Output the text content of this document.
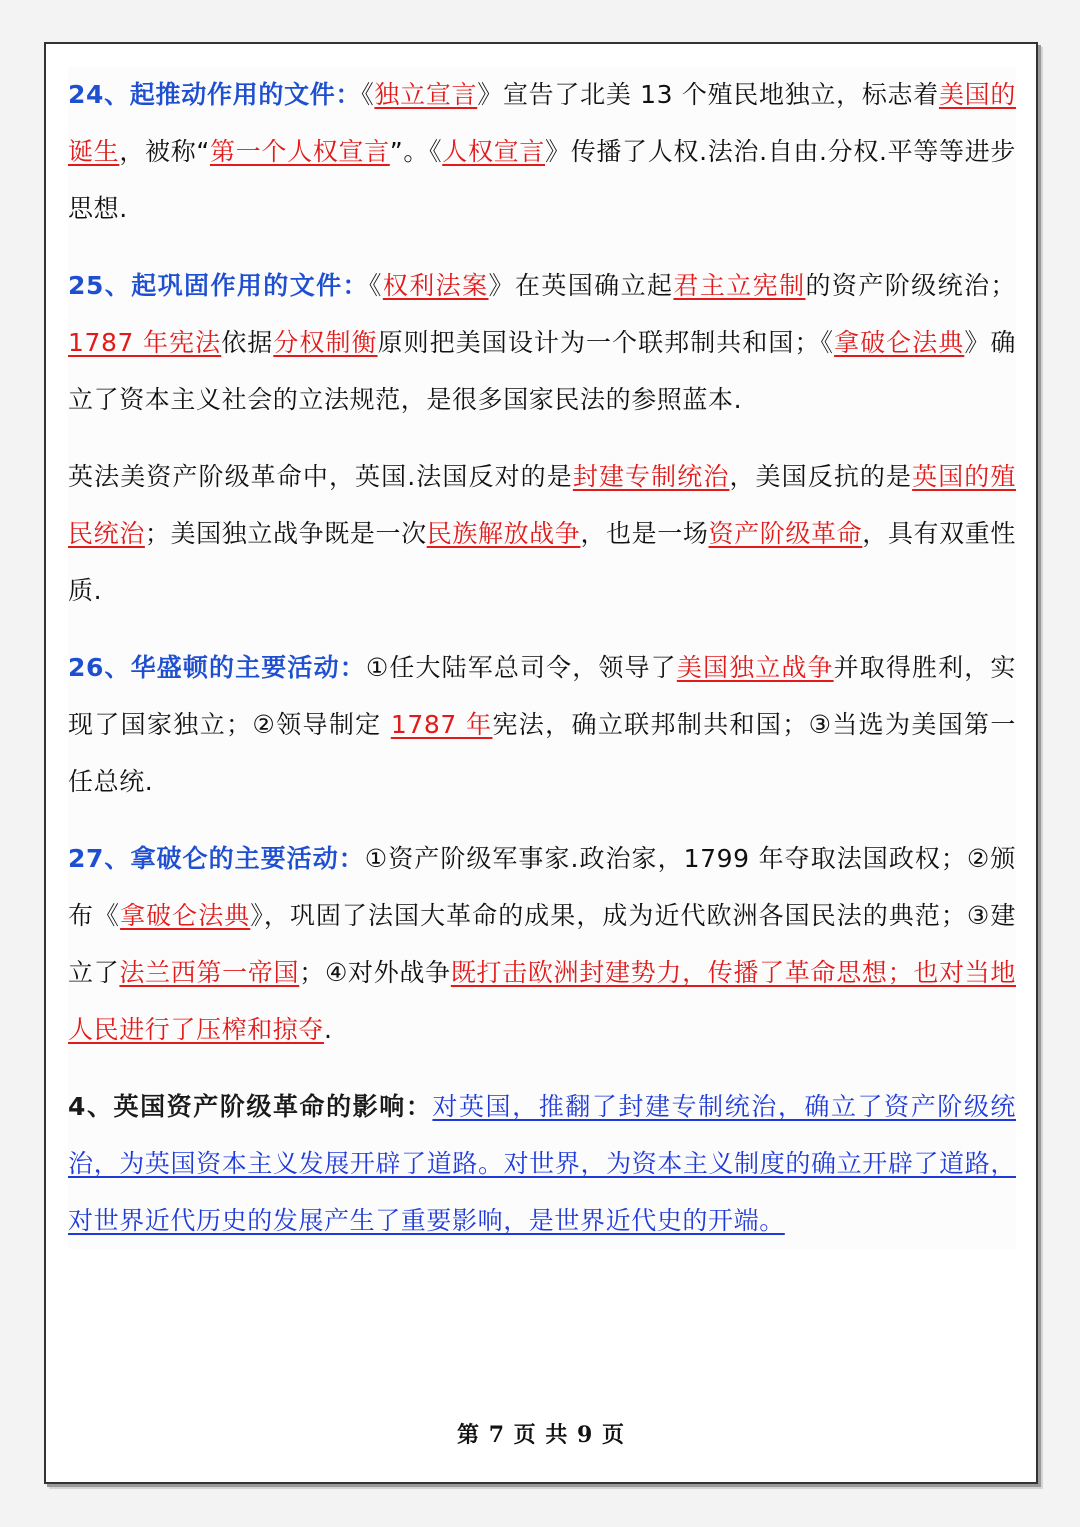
24、起推动作用的文件：《独立宣言》宣告了北美 13 个殖民地独立，标志着美国的诞生，被称“第一个人权宣言”。《人权宣言》传播了人权.法治.自由.分权.平等等进步思想.

25、起巩固作用的文件：《权利法案》在英国确立起君主立宪制的资产阶级统治；1787 年宪法依据分权制衡原则把美国设计为一个联邦制共和国；《拿破仑法典》确立了资本主义社会的立法规范，是很多国家民法的参照蓝本.

英法美资产阶级革命中，英国.法国反对的是封建专制统治，美国反抗的是英国的殖民统治；美国独立战争既是一次民族解放战争，也是一场资产阶级革命，具有双重性质.

26、华盛顿的主要活动：①任大陆军总司令，领导了美国独立战争并取得胜利，实现了国家独立；②领导制定 1787 年宪法，确立联邦制共和国；③当选为美国第一任总统.

27、拿破仑的主要活动：①资产阶级军事家.政治家，1799 年夺取法国政权；②颁布《拿破仑法典》，巩固了法国大革命的成果，成为近代欧洲各国民法的典范；③建立了法兰西第一帝国；④对外战争既打击欧洲封建势力，传播了革命思想；也对当地人民进行了压榨和掠夺.

4、英国资产阶级革命的影响：对英国，推翻了封建专制统治，确立了资产阶级统治，为英国资本主义发展开辟了道路。对世界，为资本主义制度的确立开辟了道路，对世界近代历史的发展产生了重要影响，是世界近代史的开端。

第 7 页 共 9 页
